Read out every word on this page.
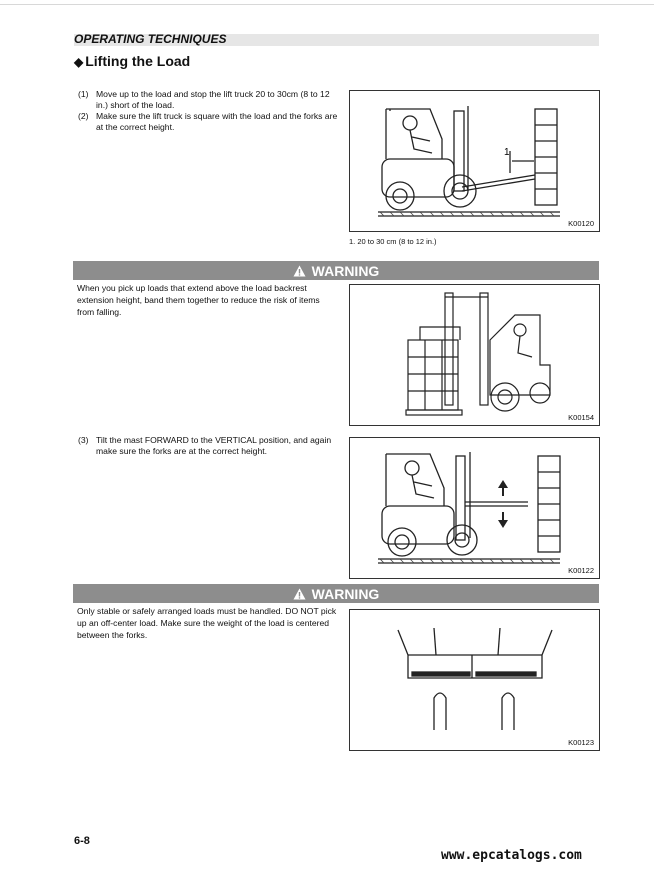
OPERATING TECHNIQUES
◆ Lifting the Load
(1) Move up to the load and stop the lift truck 20 to 30cm (8 to 12 in.) short of the load.
(2) Make sure the lift truck is square with the load and the forks are at the correct height.
1
K00120
1. 20 to 30 cm (8 to 12 in.)
WARNING
When you pick up loads that extend above the load backrest extension height, band them together to reduce the risk of items from falling.
K00154
(3) Tilt the mast FORWARD to the VERTICAL position, and again make sure the forks are at the correct height.
K00122
WARNING
Only stable or safely arranged loads must be handled. DO NOT pick up an off-center load. Make sure the weight of the load is centered between the forks.
K00123
6-8
www.epcatalogs.com
